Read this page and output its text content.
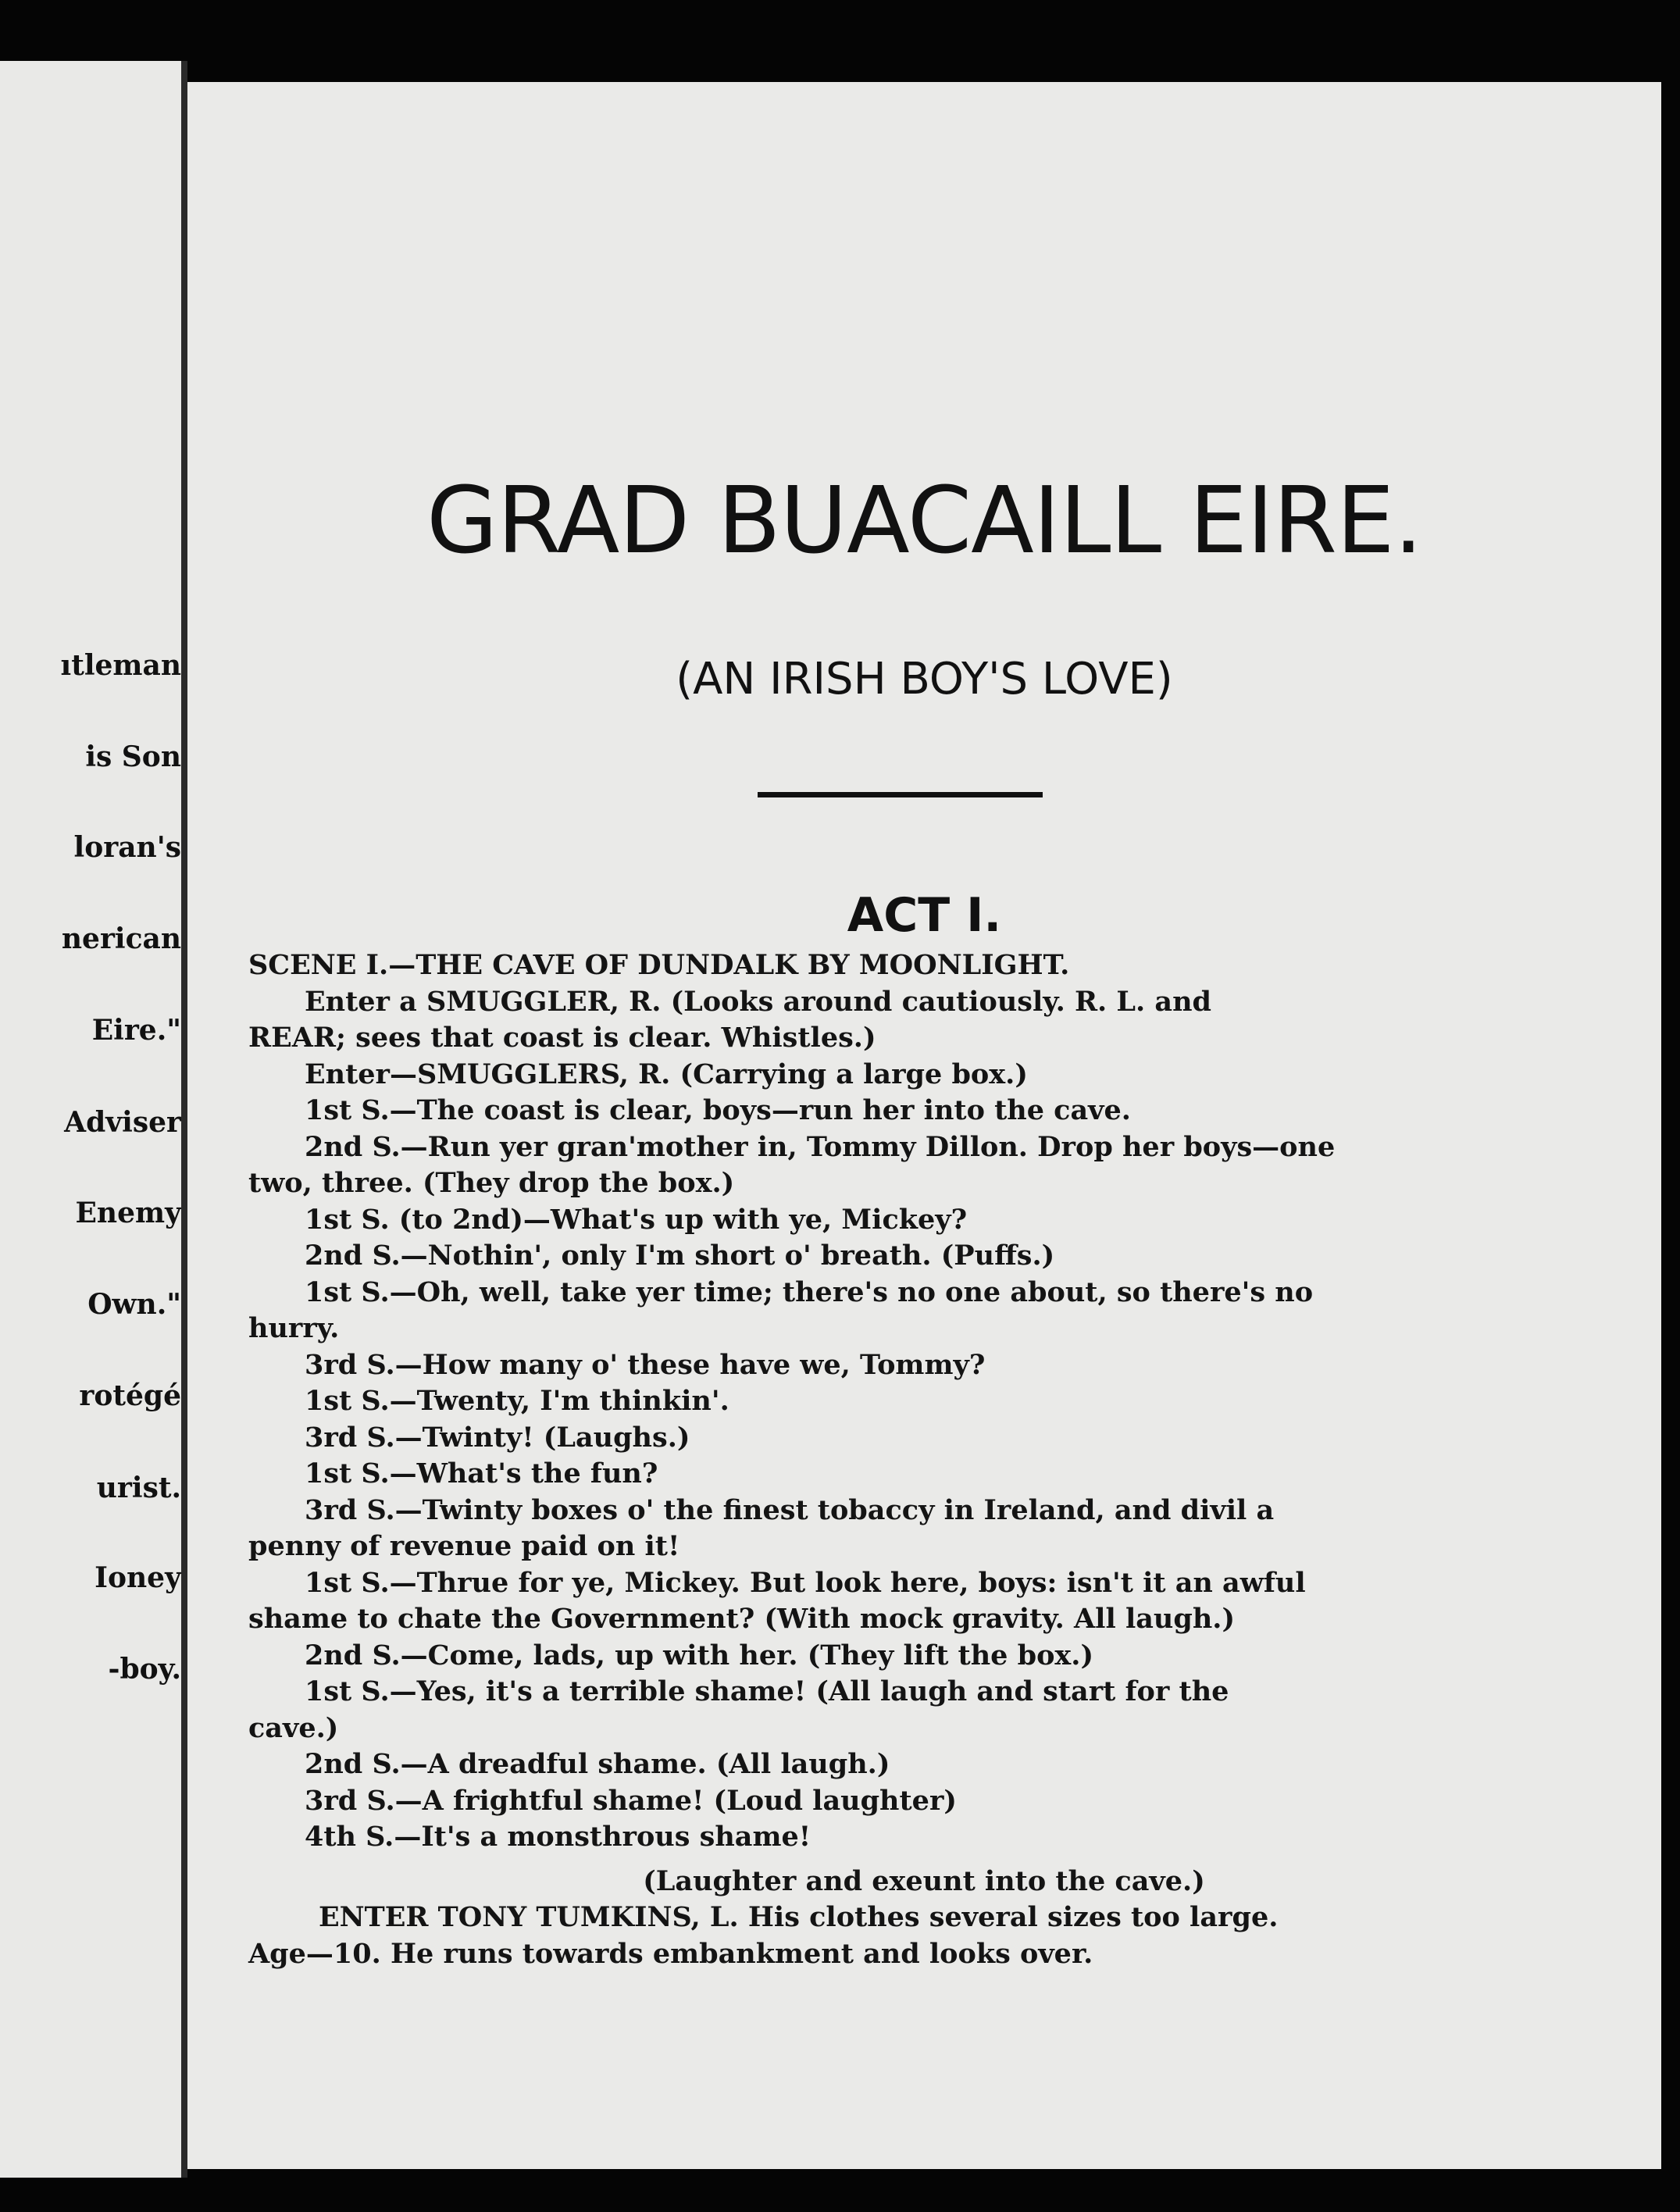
ıtleman
is Son
loran's
nerican
Eire."
Adviser
Enemy
Own."
rotégé
urist.
Ioney
-boy.
GRAD BUACAILL EIRE.
(AN IRISH BOY'S LOVE)
ACT I.
SCENE I.—THE CAVE OF DUNDALK BY MOONLIGHT.
Enter a SMUGGLER, R. (Looks around cautiously. R. L. and
REAR; sees that coast is clear. Whistles.)
Enter—SMUGGLERS, R. (Carrying a large box.)
1st S.—The coast is clear, boys—run her into the cave.
2nd S.—Run yer gran'mother in, Tommy Dillon. Drop her boys—one
two, three. (They drop the box.)
1st S. (to 2nd)—What's up with ye, Mickey?
2nd S.—Nothin', only I'm short o' breath. (Puffs.)
1st S.—Oh, well, take yer time; there's no one about, so there's no
hurry.
3rd S.—How many o' these have we, Tommy?
1st S.—Twenty, I'm thinkin'.
3rd S.—Twinty! (Laughs.)
1st S.—What's the fun?
3rd S.—Twinty boxes o' the finest tobaccy in Ireland, and divil a
penny of revenue paid on it!
1st S.—Thrue for ye, Mickey. But look here, boys: isn't it an awful
shame to chate the Government? (With mock gravity. All laugh.)
2nd S.—Come, lads, up with her. (They lift the box.)
1st S.—Yes, it's a terrible shame! (All laugh and start for the
cave.)
2nd S.—A dreadful shame. (All laugh.)
3rd S.—A frightful shame! (Loud laughter)
4th S.—It's a monsthrous shame!
(Laughter and exeunt into the cave.)
ENTER TONY TUMKINS, L. His clothes several sizes too large.
Age—10. He runs towards embankment and looks over.
